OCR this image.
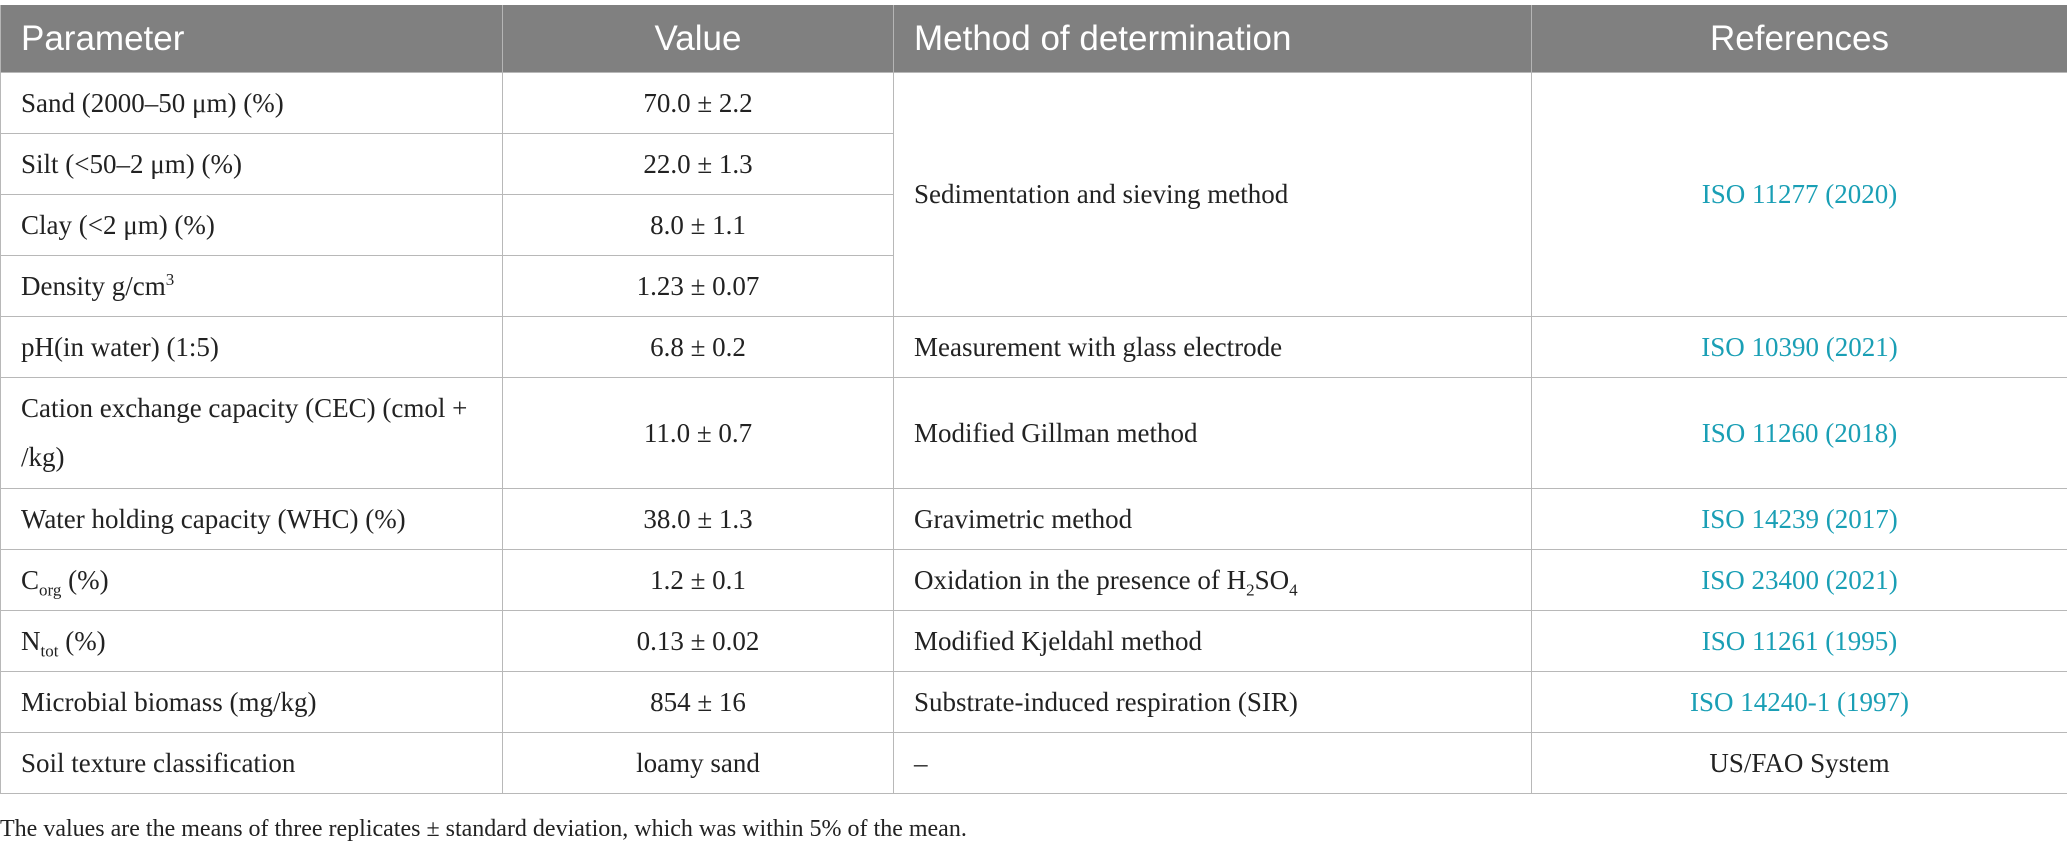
Parameter	Value	Method of determination	References
Sand (2000–50 μm) (%)	70.0 ± 2.2	Sedimentation and sieving method	ISO 11277 (2020)
Silt (<50–2 μm) (%)	22.0 ± 1.3		
Clay (<2 μm) (%)	8.0 ± 1.1		
Density $g/cm^3$	1.23 ± 0.07		
pH(in water) (1:5)	6.8 ± 0.2	Measurement with glass electrode	ISO 10390 (2021)
Cation exchange capacity (CEC) (cmol + /kg)	11.0 ± 0.7	Modified Gillman method	ISO 11260 (2018)
Water holding capacity (WHC) (%)	38.0 ± 1.3	Gravimetric method	ISO 14239 (2017)
$C_{org}$ (%)	1.2 ± 0.1	Oxidation in the presence of $H_2SO_4$	ISO 23400 (2021)
$N_{tot}$ (%)	0.13 ± 0.02	Modified Kjeldahl method	ISO 11261 (1995)
Microbial biomass (mg/kg)	854 ± 16	Substrate-induced respiration (SIR)	ISO 14240-1 (1997)
Soil texture classification	loamy sand	–	US/FAO System

The values are the means of three replicates ± standard deviation, which was within 5% of the mean.
